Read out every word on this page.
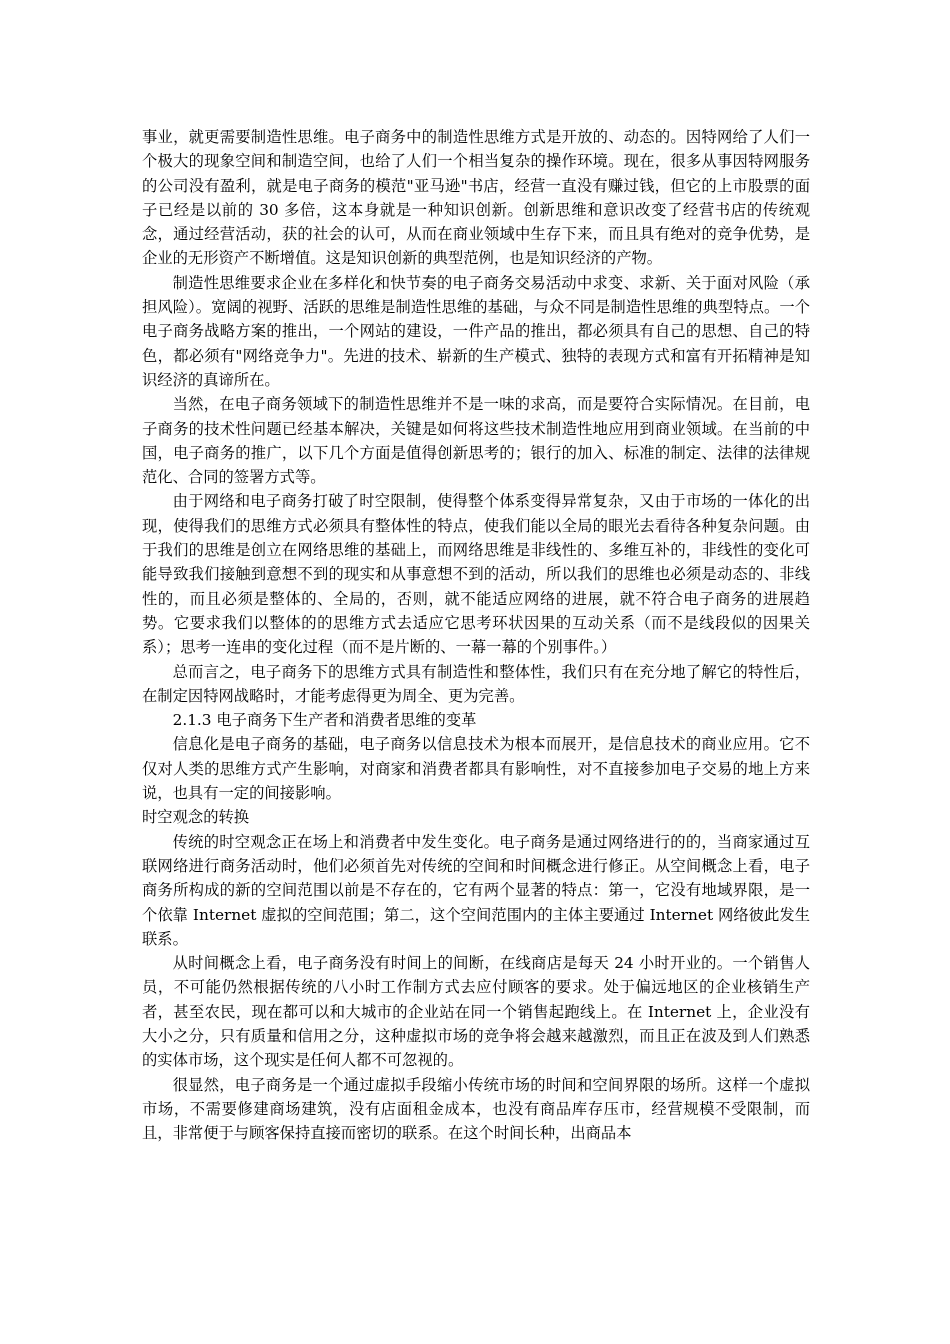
事业，就更需要制造性思维。电子商务中的制造性思维方式是开放的、动态的。因特网给了人们一个极大的现象空间和制造空间，也给了人们一个相当复杂的操作环境。现在，很多从事因特网服务的公司没有盈利，就是电子商务的模范"亚马逊"书店，经营一直没有赚过钱，但它的上市股票的面子已经是以前的 30 多倍，这本身就是一种知识创新。创新思维和意识改变了经营书店的传统观念，通过经营活动，获的社会的认可，从而在商业领域中生存下来，而且具有绝对的竞争优势，是企业的无形资产不断增值。这是知识创新的典型范例，也是知识经济的产物。

制造性思维要求企业在多样化和快节奏的电子商务交易活动中求变、求新、关于面对风险（承担风险）。宽阔的视野、活跃的思维是制造性思维的基础，与众不同是制造性思维的典型特点。一个电子商务战略方案的推出，一个网站的建设，一件产品的推出，都必须具有自己的思想、自己的特色，都必须有"网络竞争力"。先进的技术、崭新的生产模式、独特的表现方式和富有开拓精神是知识经济的真谛所在。

当然，在电子商务领域下的制造性思维并不是一味的求高，而是要符合实际情况。在目前，电子商务的技术性问题已经基本解决，关键是如何将这些技术制造性地应用到商业领域。在当前的中国，电子商务的推广，以下几个方面是值得创新思考的；银行的加入、标准的制定、法律的法律规范化、合同的签署方式等。

由于网络和电子商务打破了时空限制，使得整个体系变得异常复杂，又由于市场的一体化的出现，使得我们的思维方式必须具有整体性的特点，使我们能以全局的眼光去看待各种复杂问题。由于我们的思维是创立在网络思维的基础上，而网络思维是非线性的、多维互补的，非线性的变化可能导致我们接触到意想不到的现实和从事意想不到的活动，所以我们的思维也必须是动态的、非线性的，而且必须是整体的、全局的，否则，就不能适应网络的进展，就不符合电子商务的进展趋势。它要求我们以整体的的思维方式去适应它思考环状因果的互动关系（而不是线段似的因果关系）；思考一连串的变化过程（而不是片断的、一幕一幕的个别事件。）

总而言之，电子商务下的思维方式具有制造性和整体性，我们只有在充分地了解它的特性后，在制定因特网战略时，才能考虑得更为周全、更为完善。

2.1.3 电子商务下生产者和消费者思维的变革

信息化是电子商务的基础，电子商务以信息技术为根本而展开，是信息技术的商业应用。它不仅对人类的思维方式产生影响，对商家和消费者都具有影响性，对不直接参加电子交易的地上方来说，也具有一定的间接影响。

时空观念的转换

传统的时空观念正在场上和消费者中发生变化。电子商务是通过网络进行的的，当商家通过互联网络进行商务活动时，他们必须首先对传统的空间和时间概念进行修正。从空间概念上看，电子商务所构成的新的空间范围以前是不存在的，它有两个显著的特点：第一，它没有地域界限，是一个依靠 Internet 虚拟的空间范围；第二，这个空间范围内的主体主要通过 Internet 网络彼此发生联系。

从时间概念上看，电子商务没有时间上的间断，在线商店是每天 24 小时开业的。一个销售人员，不可能仍然根据传统的八小时工作制方式去应付顾客的要求。处于偏远地区的企业核销生产者，甚至农民，现在都可以和大城市的企业站在同一个销售起跑线上。在 Internet 上，企业没有大小之分，只有质量和信用之分，这种虚拟市场的竞争将会越来越激烈，而且正在波及到人们熟悉的实体市场，这个现实是任何人都不可忽视的。

很显然，电子商务是一个通过虚拟手段缩小传统市场的时间和空间界限的场所。这样一个虚拟市场，不需要修建商场建筑，没有店面租金成本，也没有商品库存压市，经营规模不受限制，而且，非常便于与顾客保持直接而密切的联系。在这个时间长种，出商品本
